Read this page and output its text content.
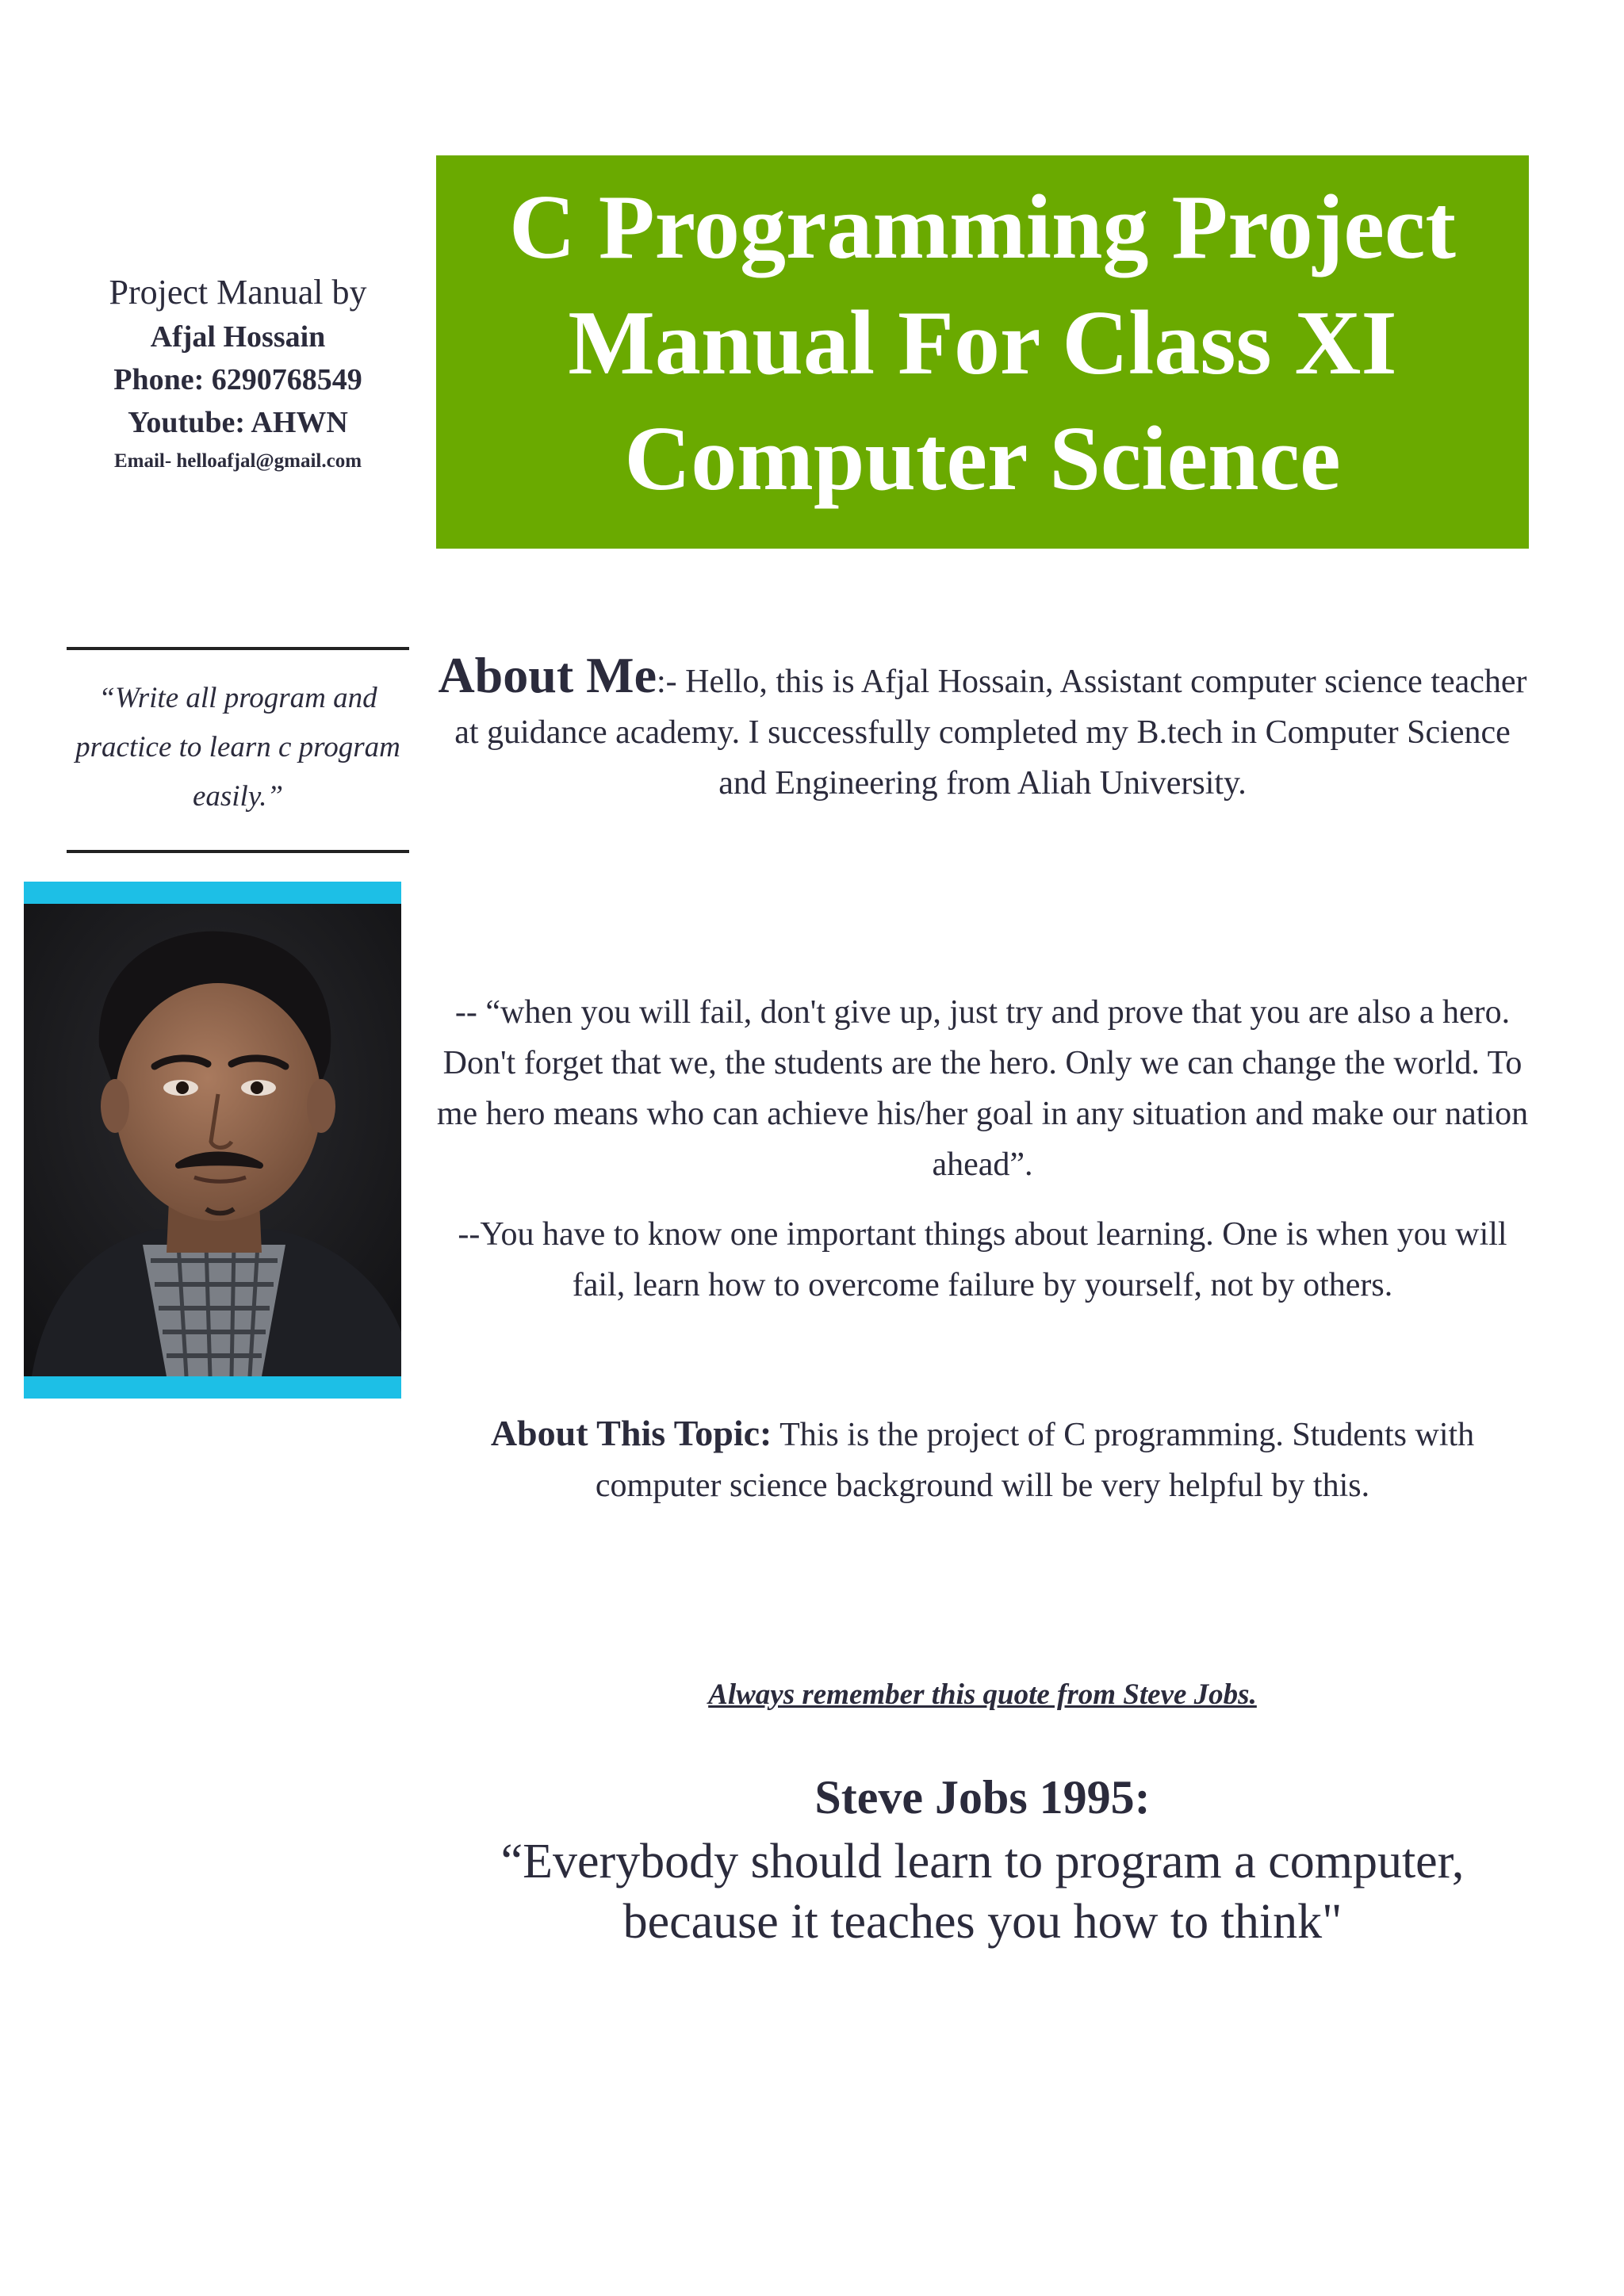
Project Manual by
Afjal Hossain
Phone: 6290768549
Youtube: AHWN
Email- helloafjal@gmail.com
C Programming Project
Manual For Class XI
Computer Science
“Write all program and practice to learn c program easily.”
About Me:- Hello, this is Afjal Hossain, Assistant computer science teacher at guidance academy. I successfully completed my B.tech in Computer Science and Engineering from Aliah University.
-- “when you will fail, don't give up, just try and prove that you are also a hero. Don't forget that we, the students are the hero. Only we can change the world. To me hero means who can achieve his/her goal in any situation and make our nation ahead”.
--You have to know one important things about learning. One is when you will fail, learn how to overcome failure by yourself, not by others.
About This Topic: This is the project of C programming. Students with computer science background will be very helpful by this.
Always remember this quote from Steve Jobs.
Steve Jobs 1995:
“Everybody should learn to program a computer, because it teaches you how to think"
